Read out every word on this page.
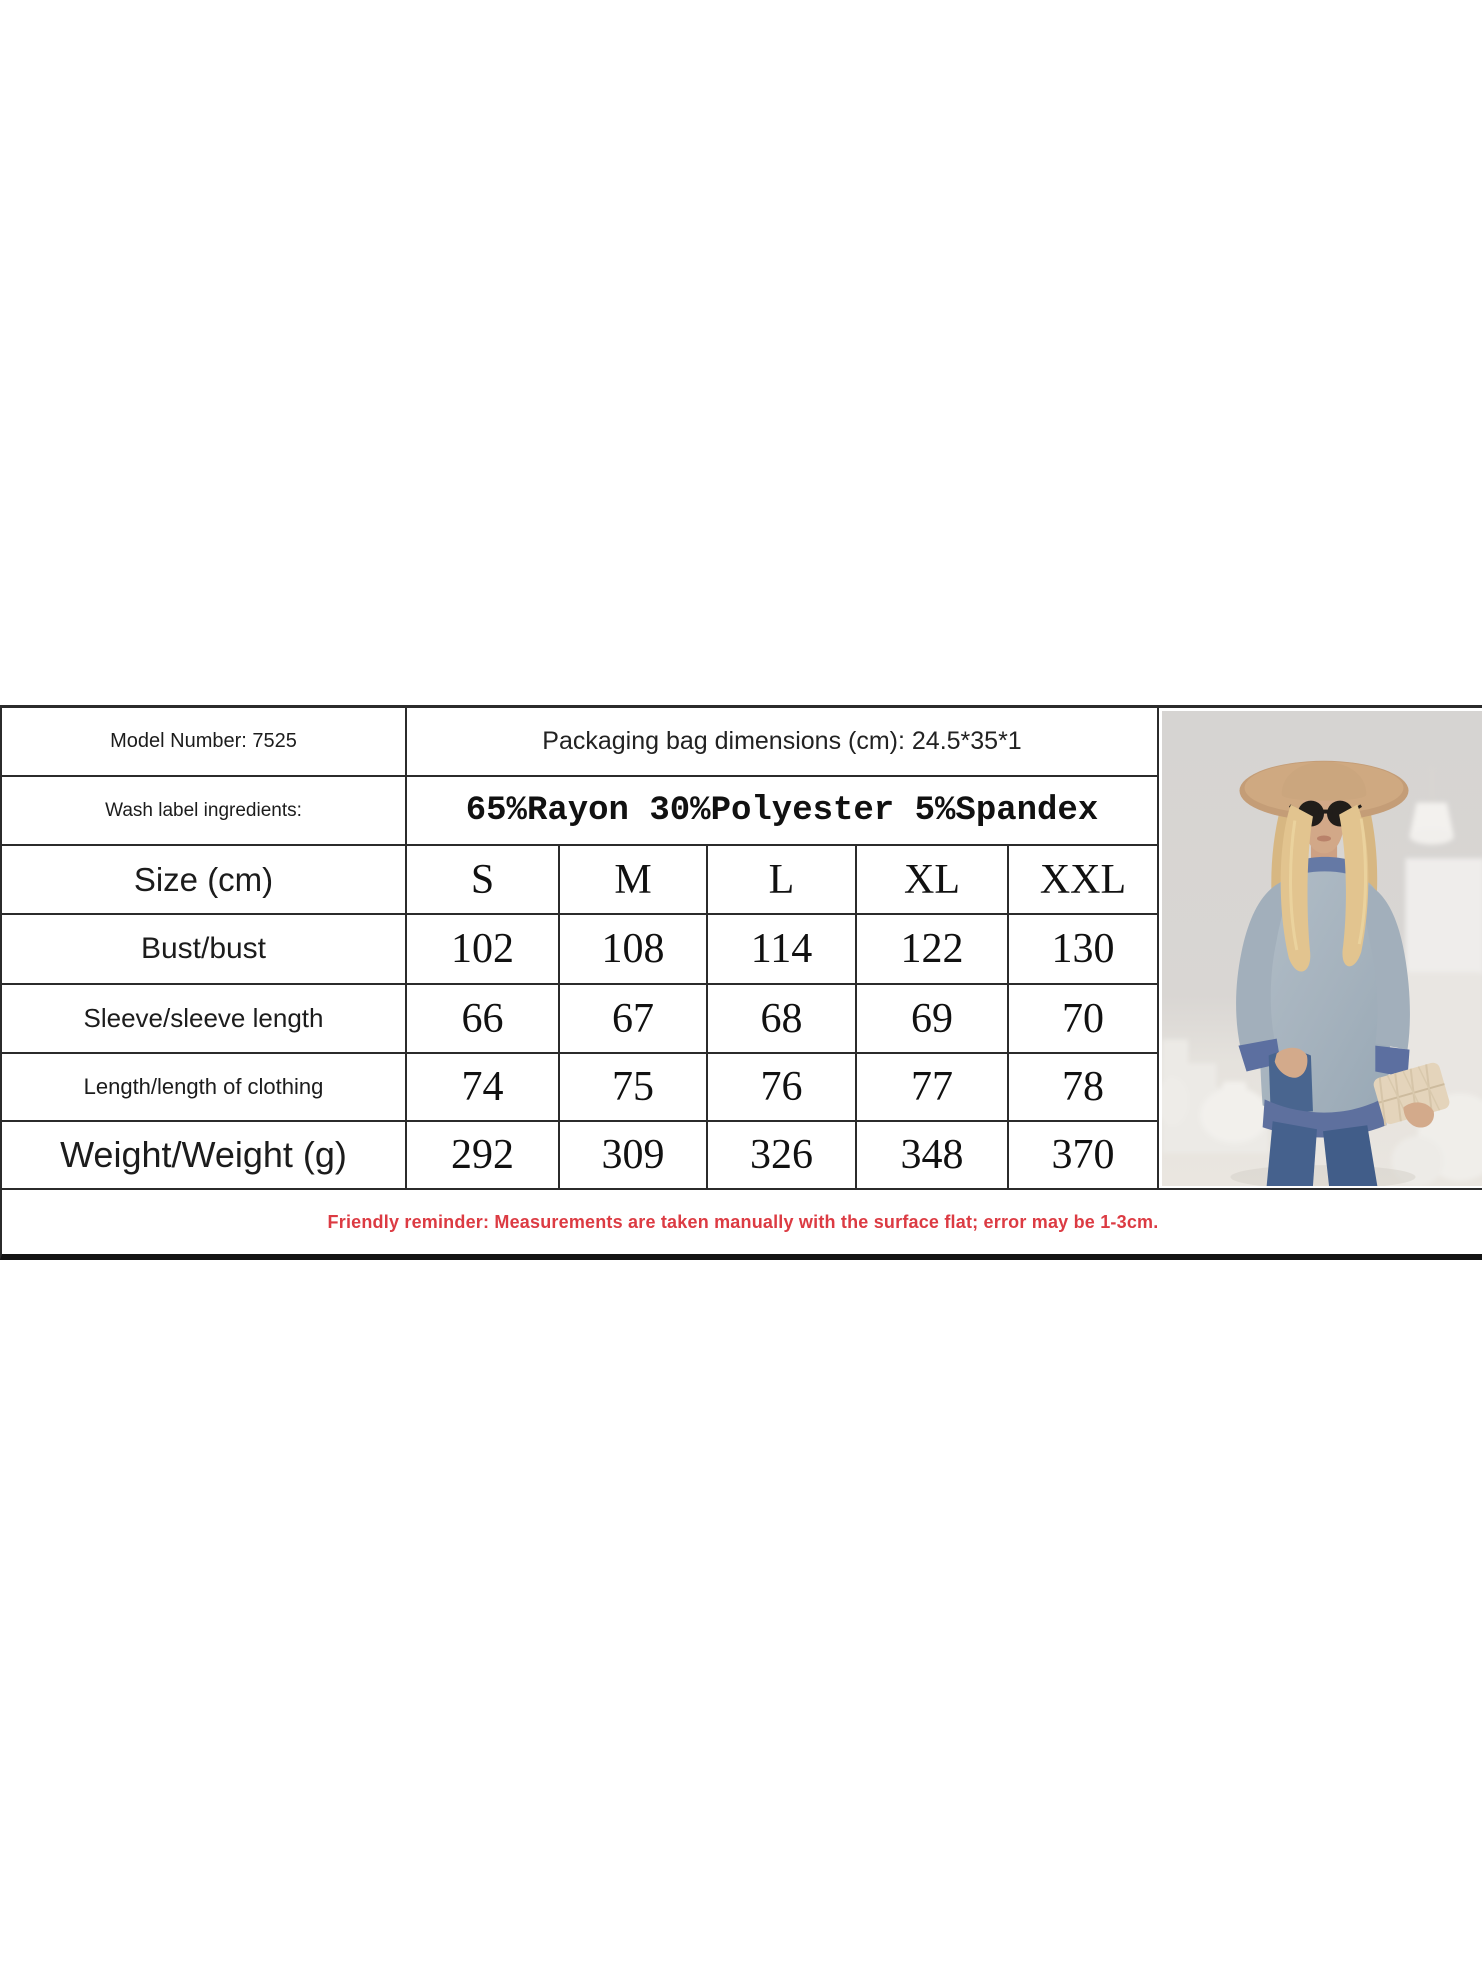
Model Number: 7525	Packaging bag dimensions (cm): 24.5*35*1
Wash label ingredients:	65%Rayon 30%Polyester 5%Spandex
Size (cm)	S	M	L	XL	XXL
Bust/bust	102	108	114	122	130
Sleeve/sleeve length	66	67	68	69	70
Length/length of clothing	74	75	76	77	78
Weight/Weight (g)	292	309	326	348	370
Friendly reminder: Measurements are taken manually with the surface flat; error may be 1-3cm.
